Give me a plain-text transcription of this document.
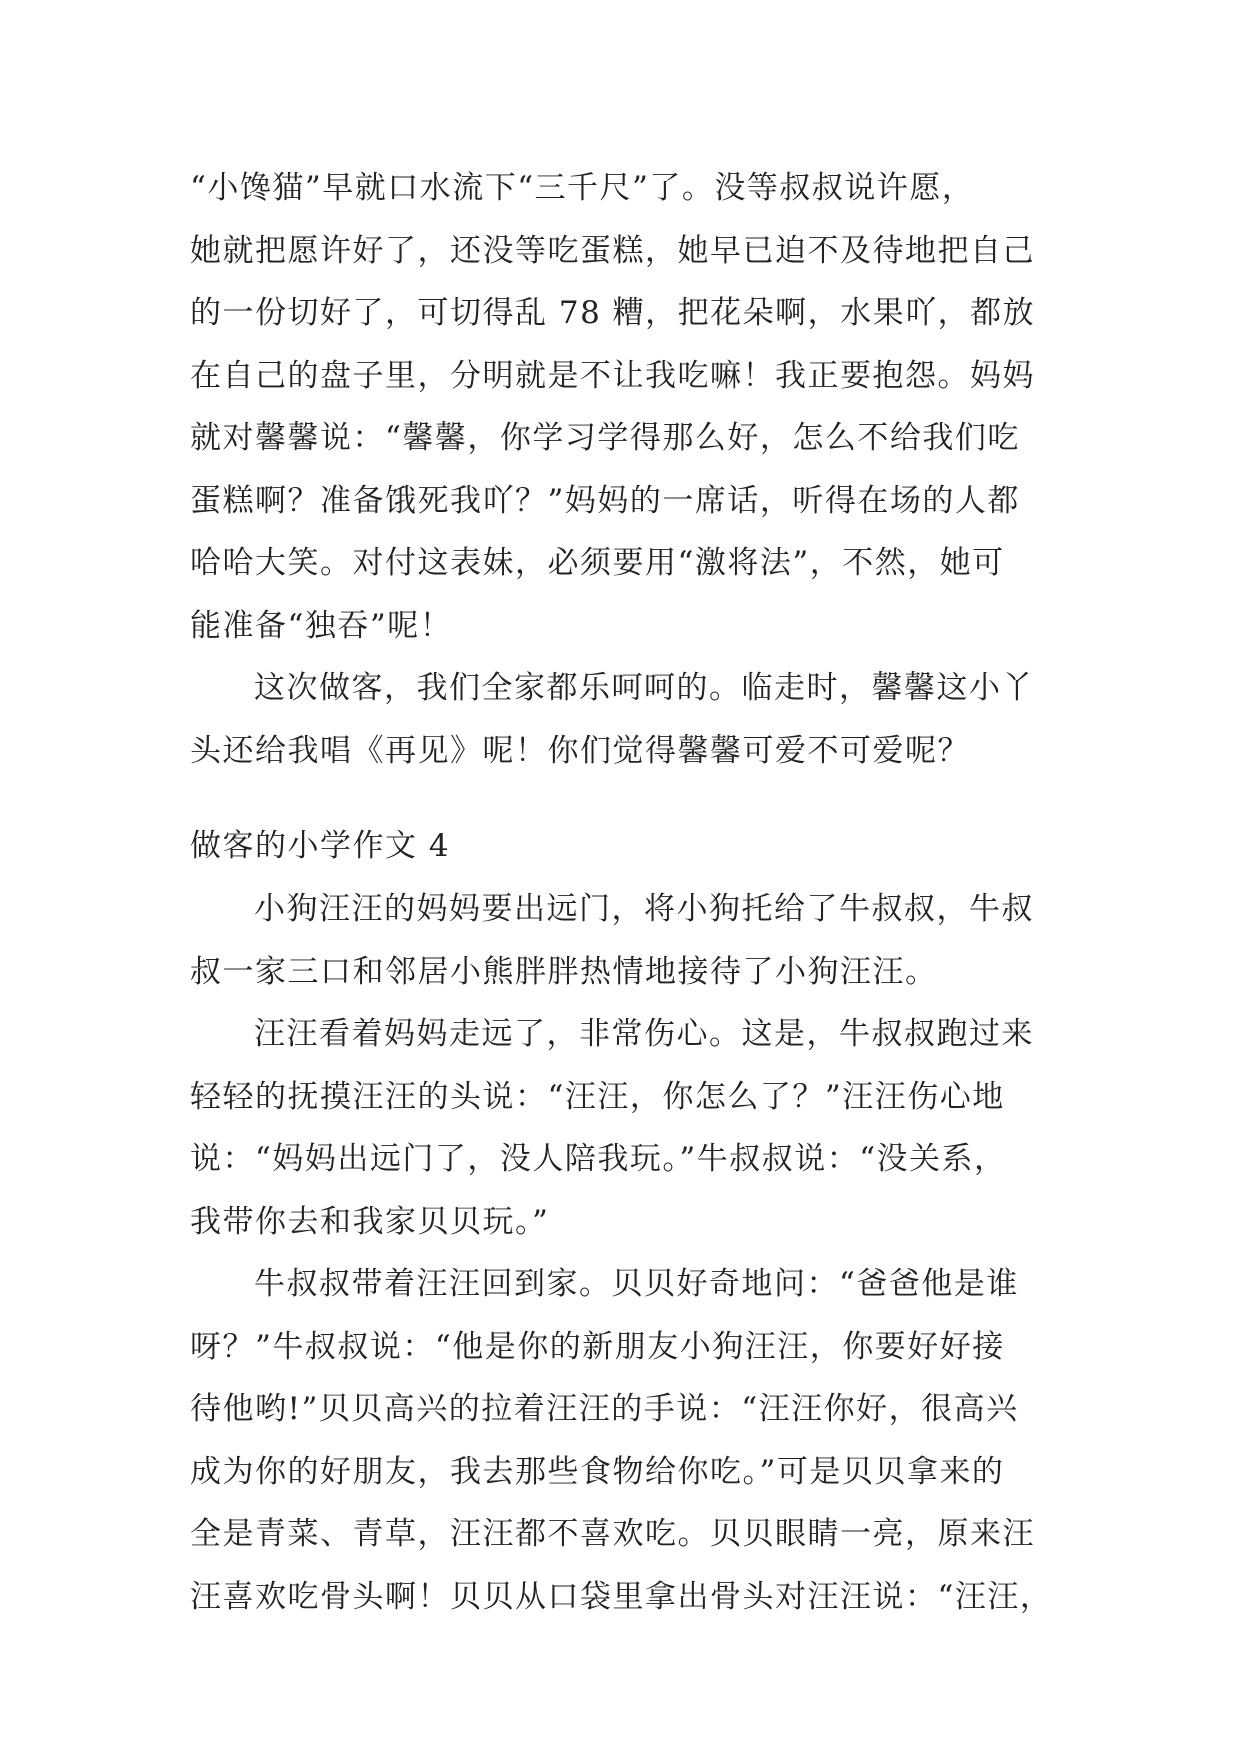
“小馋猫”早就口水流下“三千尺”了。没等叔叔说许愿，
她就把愿许好了，还没等吃蛋糕，她早已迫不及待地把自己
的一份切好了，可切得乱 78 糟，把花朵啊，水果吖，都放
在自己的盘子里，分明就是不让我吃嘛！我正要抱怨。妈妈
就对馨馨说：“馨馨，你学习学得那么好，怎么不给我们吃
蛋糕啊？准备饿死我吖？”妈妈的一席话，听得在场的人都
哈哈大笑。对付这表妹，必须要用“激将法”，不然，她可
能准备“独吞”呢！
这次做客，我们全家都乐呵呵的。临走时，馨馨这小丫
头还给我唱《再见》呢！你们觉得馨馨可爱不可爱呢？
做客的小学作文 4
小狗汪汪的妈妈要出远门，将小狗托给了牛叔叔，牛叔
叔一家三口和邻居小熊胖胖热情地接待了小狗汪汪。
汪汪看着妈妈走远了，非常伤心。这是，牛叔叔跑过来
轻轻的抚摸汪汪的头说：“汪汪，你怎么了？”汪汪伤心地
说：“妈妈出远门了，没人陪我玩。”牛叔叔说：“没关系，
我带你去和我家贝贝玩。”
牛叔叔带着汪汪回到家。贝贝好奇地问：“爸爸他是谁
呀？”牛叔叔说：“他是你的新朋友小狗汪汪，你要好好接
待他哟!”贝贝高兴的拉着汪汪的手说：“汪汪你好，很高兴
成为你的好朋友，我去那些食物给你吃。”可是贝贝拿来的
全是青菜、青草，汪汪都不喜欢吃。贝贝眼睛一亮，原来汪
汪喜欢吃骨头啊！贝贝从口袋里拿出骨头对汪汪说：“汪汪，
